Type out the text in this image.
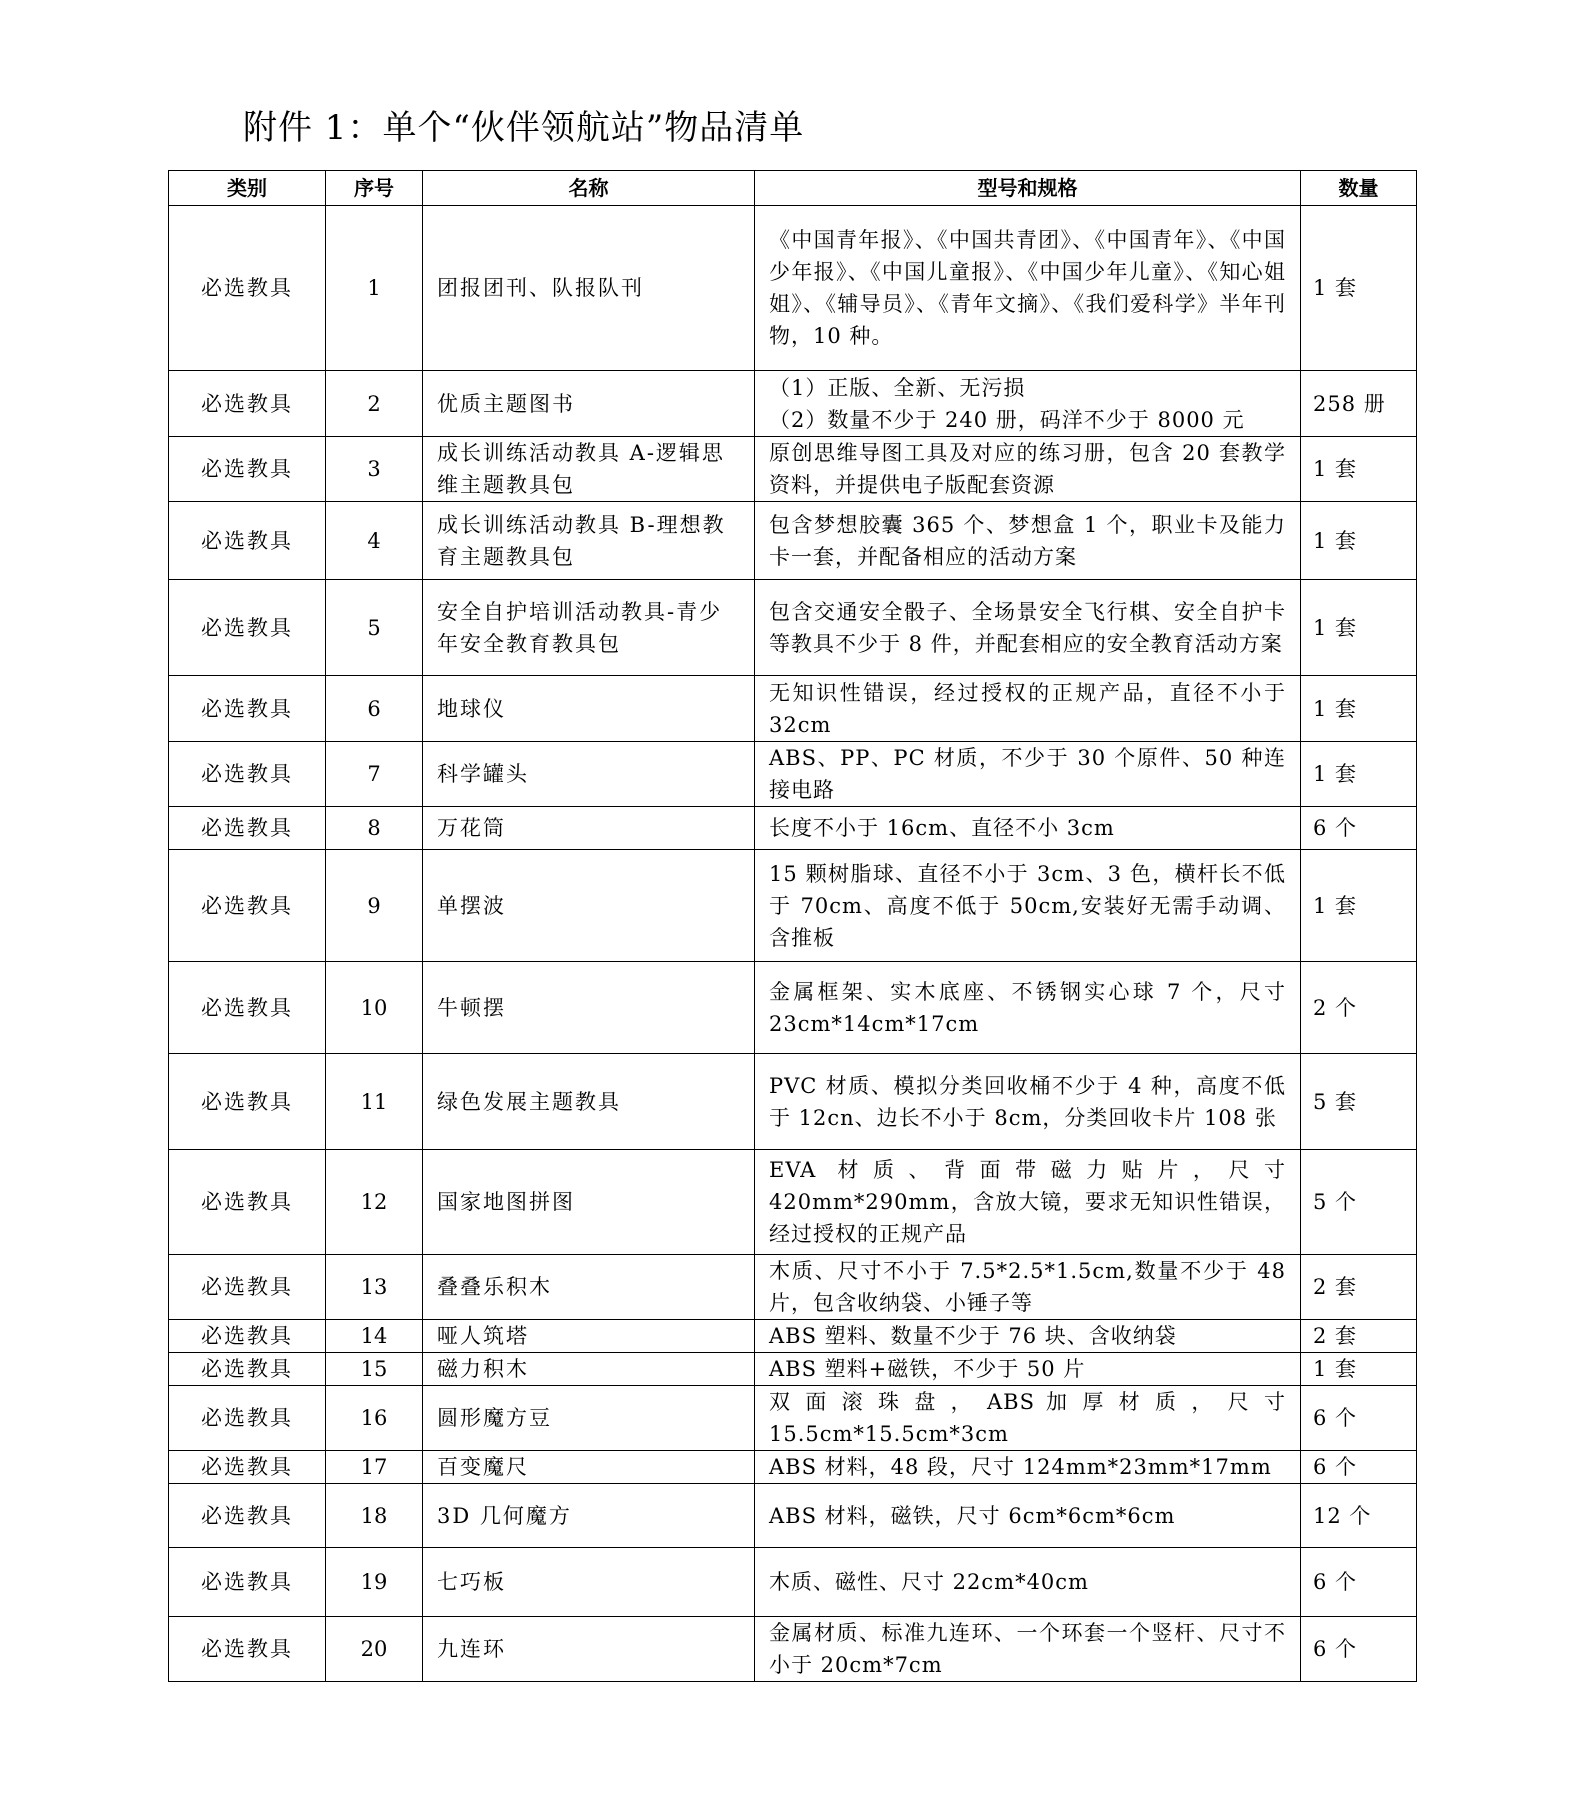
附件 1：单个“伙伴领航站”物品清单
类别	序号	名称	型号和规格	数量
必选教具	1	团报团刊、队报队刊	《中国青年报》、《中国共青团》、《中国青年》、《中国少年报》、《中国儿童报》、《中国少年儿童》、《知心姐姐》、《辅导员》、《青年文摘》、《我们爱科学》半年刊物，10 种。	1 套
必选教具	2	优质主题图书	（1）正版、全新、无污损
（2）数量不少于 240 册，码洋不少于 8000 元	258 册
必选教具	3	成长训练活动教具 A-逻辑思维主题教具包	原创思维导图工具及对应的练习册，包含 20 套教学资料，并提供电子版配套资源	1 套
必选教具	4	成长训练活动教具 B-理想教育主题教具包	包含梦想胶囊 365 个、梦想盒 1 个，职业卡及能力卡一套，并配备相应的活动方案	1 套
必选教具	5	安全自护培训活动教具-青少年安全教育教具包	包含交通安全骰子、全场景安全飞行棋、安全自护卡等教具不少于 8 件，并配套相应的安全教育活动方案	1 套
必选教具	6	地球仪	无知识性错误，经过授权的正规产品，直径不小于 32cm	1 套
必选教具	7	科学罐头	ABS、PP、PC 材质，不少于 30 个原件、50 种连接电路	1 套
必选教具	8	万花筒	长度不小于 16cm、直径不小 3cm	6 个
必选教具	9	单摆波	15 颗树脂球、直径不小于 3cm、3 色，横杆长不低于 70cm、高度不低于 50cm,安装好无需手动调、含推板	1 套
必选教具	10	牛顿摆	金属框架、实木底座、不锈钢实心球 7 个，尺寸 23cm*14cm*17cm	2 个
必选教具	11	绿色发展主题教具	PVC 材质、模拟分类回收桶不少于 4 种，高度不低于 12cn、边长不小于 8cm，分类回收卡片 108 张	5 套
必选教具	12	国家地图拼图	EVA 材质、背面带磁力贴片，尺寸 420mm*290mm，含放大镜，要求无知识性错误，经过授权的正规产品	5 个
必选教具	13	叠叠乐积木	木质、尺寸不小于 7.5*2.5*1.5cm,数量不少于 48 片，包含收纳袋、小锤子等	2 套
必选教具	14	哑人筑塔	ABS 塑料、数量不少于 76 块、含收纳袋	2 套
必选教具	15	磁力积木	ABS 塑料+磁铁，不少于 50 片	1 套
必选教具	16	圆形魔方豆	双 面 滚 珠 盘 ， ABS 加 厚 材 质 ， 尺 寸 15.5cm*15.5cm*3cm	6 个
必选教具	17	百变魔尺	ABS 材料，48 段，尺寸 124mm*23mm*17mm	6 个
必选教具	18	3D 几何魔方	ABS 材料，磁铁，尺寸 6cm*6cm*6cm	12 个
必选教具	19	七巧板	木质、磁性、尺寸 22cm*40cm	6 个
必选教具	20	九连环	金属材质、标准九连环、一个环套一个竖杆、尺寸不小于 20cm*7cm	6 个
